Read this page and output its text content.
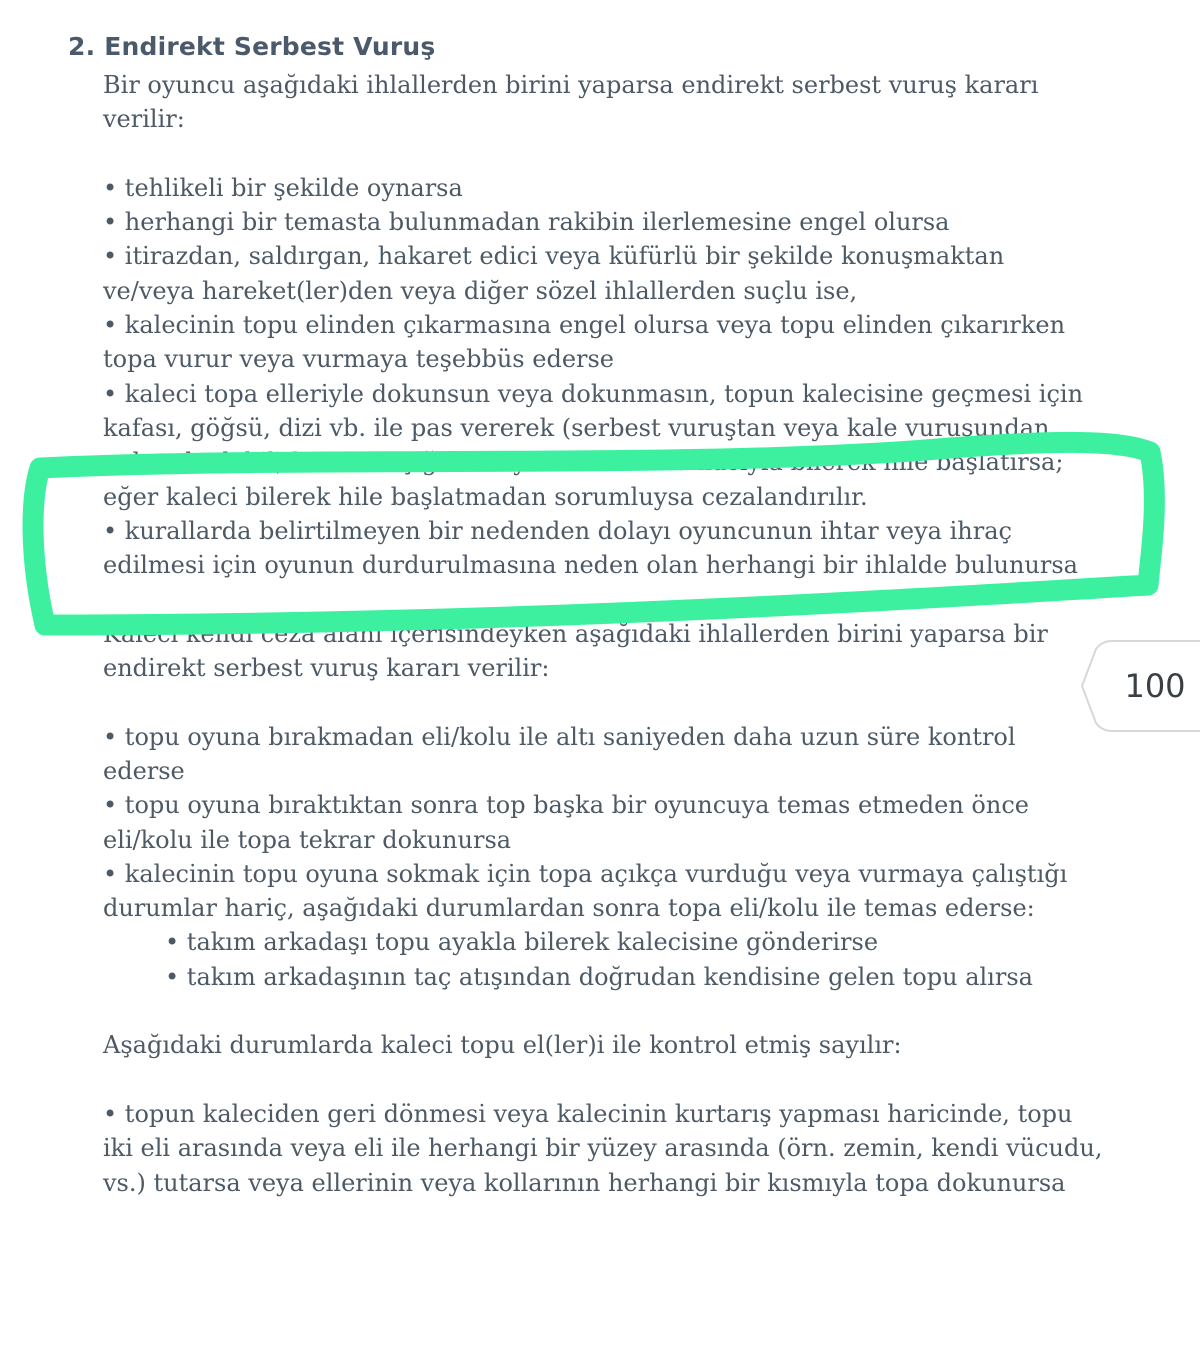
2. Endirekt Serbest Vuruş

Bir oyuncu aşağıdaki ihlallerden birini yaparsa endirekt serbest vuruş kararı verilir:

• tehlikeli bir şekilde oynarsa

• herhangi bir temasta bulunmadan rakibin ilerlemesine engel olursa

• itirazdan, saldırgan, hakaret edici veya küfürlü bir şekilde konuşmaktan ve/veya hareket(ler)den veya diğer sözel ihlallerden suçlu ise,

• kalecinin topu elinden çıkarmasına engel olursa veya topu elinden çıkarırken topa vurur veya vurmaya teşebbüs ederse

• kaleci topa elleriyle dokunsun veya dokunmasın, topun kalecisine geçmesi için kafası, göğsü, dizi vb. ile pas vererek (serbest vuruştan veya kale vuruşundan gelen de dahil) kuralın açığından yararlanmak amacıyla bilerek hile başlatırsa; eğer kaleci bilerek hile başlatmadan sorumluysa cezalandırılır.

• kurallarda belirtilmeyen bir nedenden dolayı oyuncunun ihtar veya ihraç edilmesi için oyunun durdurulmasına neden olan herhangi bir ihlalde bulunursa

Kaleci kendi ceza alanı içerisindeyken aşağıdaki ihlallerden birini yaparsa bir endirekt serbest vuruş kararı verilir:

• topu oyuna bırakmadan eli/kolu ile altı saniyeden daha uzun süre kontrol ederse

• topu oyuna bıraktıktan sonra top başka bir oyuncuya temas etmeden önce eli/kolu ile topa tekrar dokunursa

• kalecinin topu oyuna sokmak için topa açıkça vurduğu veya vurmaya çalıştığı durumlar hariç, aşağıdaki durumlardan sonra topa eli/kolu ile temas ederse:

• takım arkadaşı topu ayakla bilerek kalecisine gönderirse

• takım arkadaşının taç atışından doğrudan kendisine gelen topu alırsa

Aşağıdaki durumlarda kaleci topu el(ler)i ile kontrol etmiş sayılır:

• topun kaleciden geri dönmesi veya kalecinin kurtarış yapması haricinde, topu iki eli arasında veya eli ile herhangi bir yüzey arasında (örn. zemin, kendi vücudu, vs.) tutarsa veya ellerinin veya kollarının herhangi bir kısmıyla topa dokunursa

100
